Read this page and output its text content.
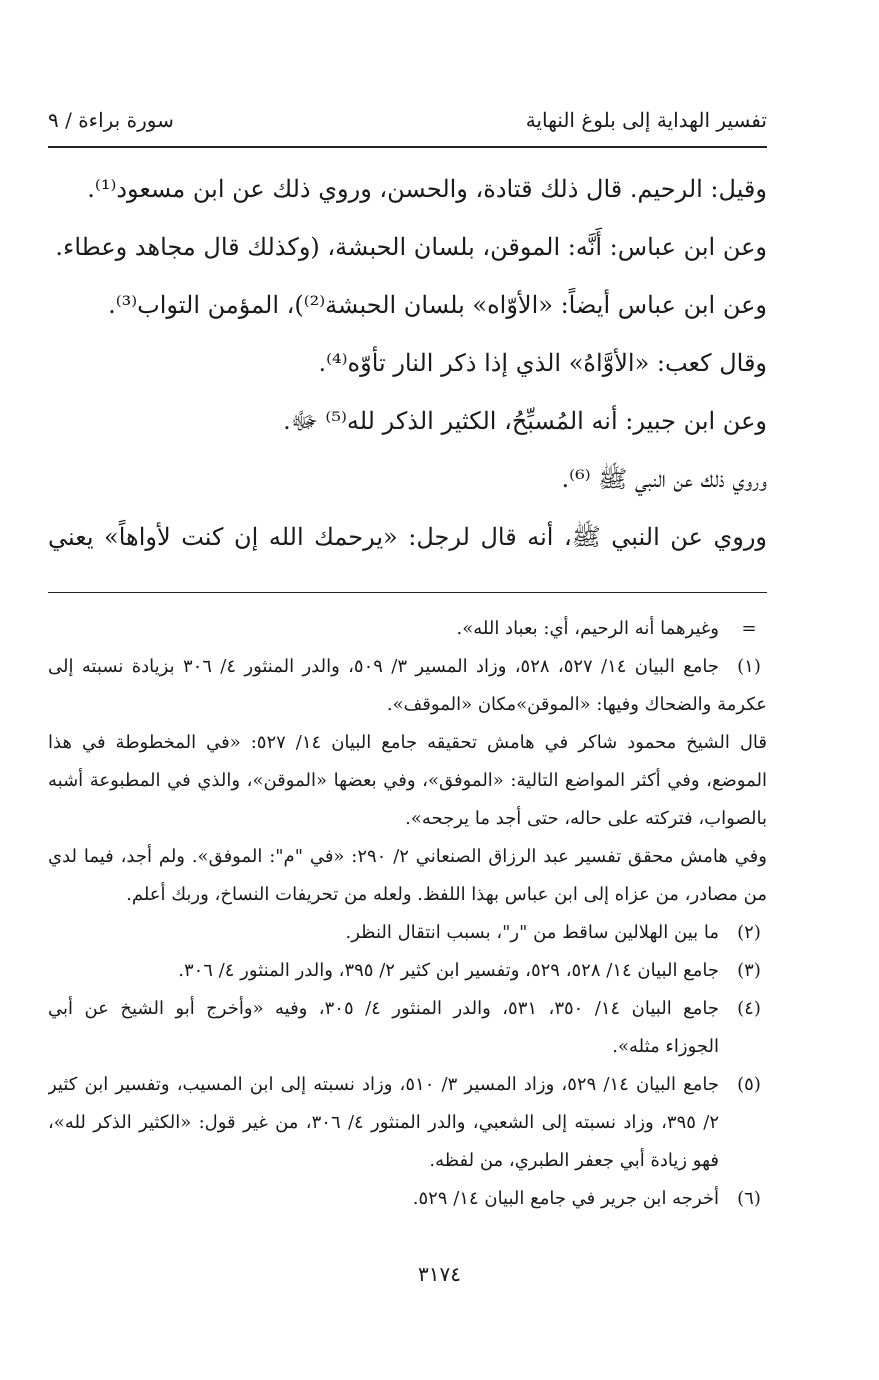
تفسير الهداية إلى بلوغ النهاية
سورة براءة / ٩

وقيل: الرحيم. قال ذلك قتادة، والحسن، وروي ذلك عن ابن مسعود⁽¹⁾.

وعن ابن عباس: أَنَّه: الموقن، بلسان الحبشة، (وكذلك قال مجاهد وعطاء.

وعن ابن عباس أيضاً: «الأوّاه» بلسان الحبشة⁽²⁾)، المؤمن التواب⁽³⁾.

وقال كعب: «الأوَّاهُ» الذي إذا ذكر النار تأوّه⁽⁴⁾.

وعن ابن جبير: أنه المُسبِّحُ، الكثير الذكر لله⁽⁵⁾ ﷻ.

وروي ذلك عن النبي ﷺ ⁽⁶⁾.

وروي عن النبي ﷺ، أنه قال لرجل: «يرحمك الله إن كنت لأواهاً» يعني

=
وغيرهما أنه الرحيم، أي: بعباد الله».
(١)
جامع البيان ١٤/ ٥٢٧، ٥٢٨، وزاد المسير ٣/ ٥٠٩، والدر المنثور ٤/ ٣٠٦ بزيادة نسبته إلى
عكرمة والضحاك وفيها: «الموقن»مكان «الموقف».
قال الشيخ محمود شاكر في هامش تحقيقه جامع البيان ١٤/ ٥٢٧: «في المخطوطة في هذا
الموضع، وفي أكثر المواضع التالية: «الموفق»، وفي بعضها «الموقن»، والذي في المطبوعة أشبه
بالصواب، فتركته على حاله، حتى أجد ما يرجحه».
وفي هامش محقق تفسير عبد الرزاق الصنعاني ٢/ ٢٩٠: «في "م": الموفق». ولم أجد، فيما لدي
من مصادر، من عزاه إلى ابن عباس بهذا اللفظ. ولعله من تحريفات النساخ، وربك أعلم.
(٢)
ما بين الهلالين ساقط من "ر"، بسبب انتقال النظر.
(٣)
جامع البيان ١٤/ ٥٢٨، ٥٢٩، وتفسير ابن كثير ٢/ ٣٩٥، والدر المنثور ٤/ ٣٠٦.
(٤)
جامع البيان ١٤/ ٣٥٠، ٥٣١، والدر المنثور ٤/ ٣٠٥، وفيه «وأخرج أبو الشيخ عن أبي
الجوزاء مثله».
(٥)
جامع البيان ١٤/ ٥٢٩، وزاد المسير ٣/ ٥١٠، وزاد نسبته إلى ابن المسيب، وتفسير ابن كثير
٢/ ٣٩٥، وزاد نسبته إلى الشعبي، والدر المنثور ٤/ ٣٠٦، من غير قول: «الكثير الذكر لله»،
فهو زيادة أبي جعفر الطبري، من لفظه.
(٦)
أخرجه ابن جرير في جامع البيان ١٤/ ٥٢٩.
٣١٧٤
